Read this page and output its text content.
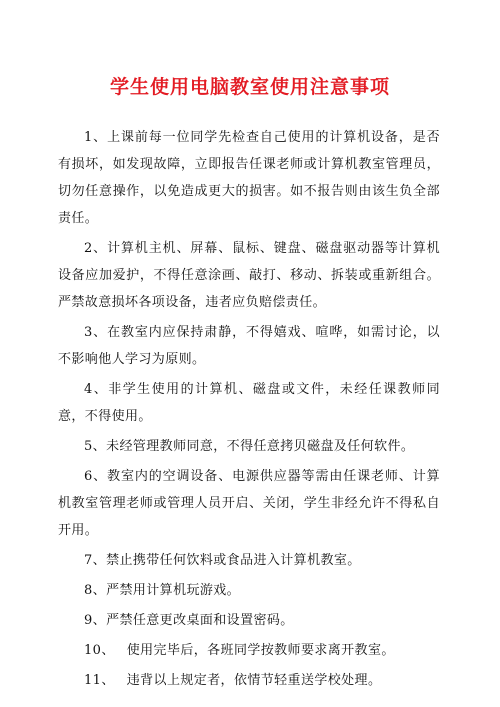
学生使用电脑教室使用注意事项
1、上课前每一位同学先检查自己使用的计算机设备，是否有损坏，如发现故障，立即报告任课老师或计算机教室管理员，切勿任意操作，以免造成更大的损害。如不报告则由该生负全部责任。
2、计算机主机、屏幕、鼠标、键盘、磁盘驱动器等计算机设备应加爱护，不得任意涂画、敲打、移动、拆装或重新组合。严禁故意损坏各项设备，违者应负赔偿责任。
3、在教室内应保持肃静，不得嬉戏、喧哗，如需讨论，以不影响他人学习为原则。
4、非学生使用的计算机、磁盘或文件，未经任课教师同意，不得使用。
5、未经管理教师同意，不得任意拷贝磁盘及任何软件。
6、教室内的空调设备、电源供应器等需由任课老师、计算机教室管理老师或管理人员开启、关闭，学生非经允许不得私自开用。
7、禁止携带任何饮料或食品进入计算机教室。
8、严禁用计算机玩游戏。
9、严禁任意更改桌面和设置密码。
10、 使用完毕后，各班同学按教师要求离开教室。
11、 违背以上规定者，依情节轻重送学校处理。
